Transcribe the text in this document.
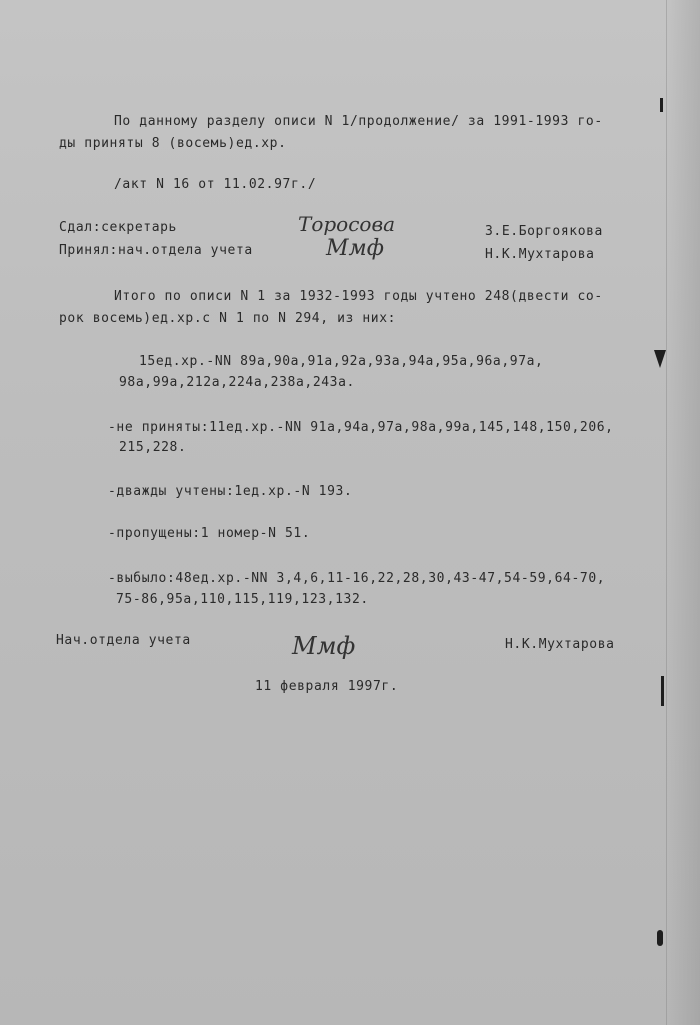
По данному разделу описи N 1/продолжение/ за 1991-1993 го-
ды приняты 8 (восемь)ед.хр.
/акт N 16 от 11.02.97г./
Сдал:секретарь	Торосова	З.Е.Боргоякова
Принял:нач.отдела учета	Ммф	Н.К.Мухтарова
Итого по описи N 1 за 1932-1993 годы учтено 248(двести со-
рок восемь)ед.хр.с N 1 по N 294, из них:
15ед.хр.-NN 89а,90а,91а,92а,93а,94а,95а,96а,97а,
98а,99а,212а,224а,238а,243а.
-не приняты:11ед.хр.-NN 91а,94а,97а,98а,99а,145,148,150,206,
215,228.
-дважды учтены:1ед.хр.-N 193.
-пропущены:1 номер-N 51.
-выбыло:48ед.хр.-NN 3,4,6,11-16,22,28,30,43-47,54-59,64-70,
75-86,95а,110,115,119,123,132.
Нач.отдела учета	Ммф	Н.К.Мухтарова
11 февраля 1997г.
